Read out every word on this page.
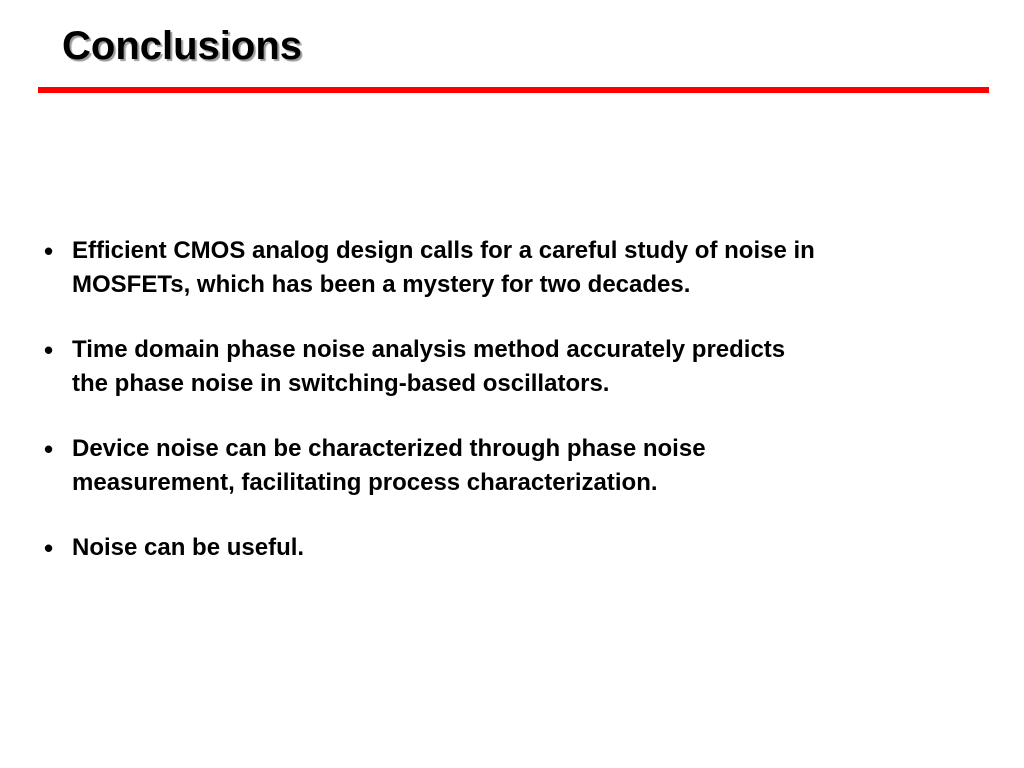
Conclusions
• Efficient CMOS analog design calls for a careful study of noise in
MOSFETs, which has been a mystery for two decades.
• Time domain phase noise analysis method accurately predicts
the phase noise in switching-based oscillators.
• Device noise can be characterized through phase noise
measurement, facilitating process characterization.
• Noise can be useful.
